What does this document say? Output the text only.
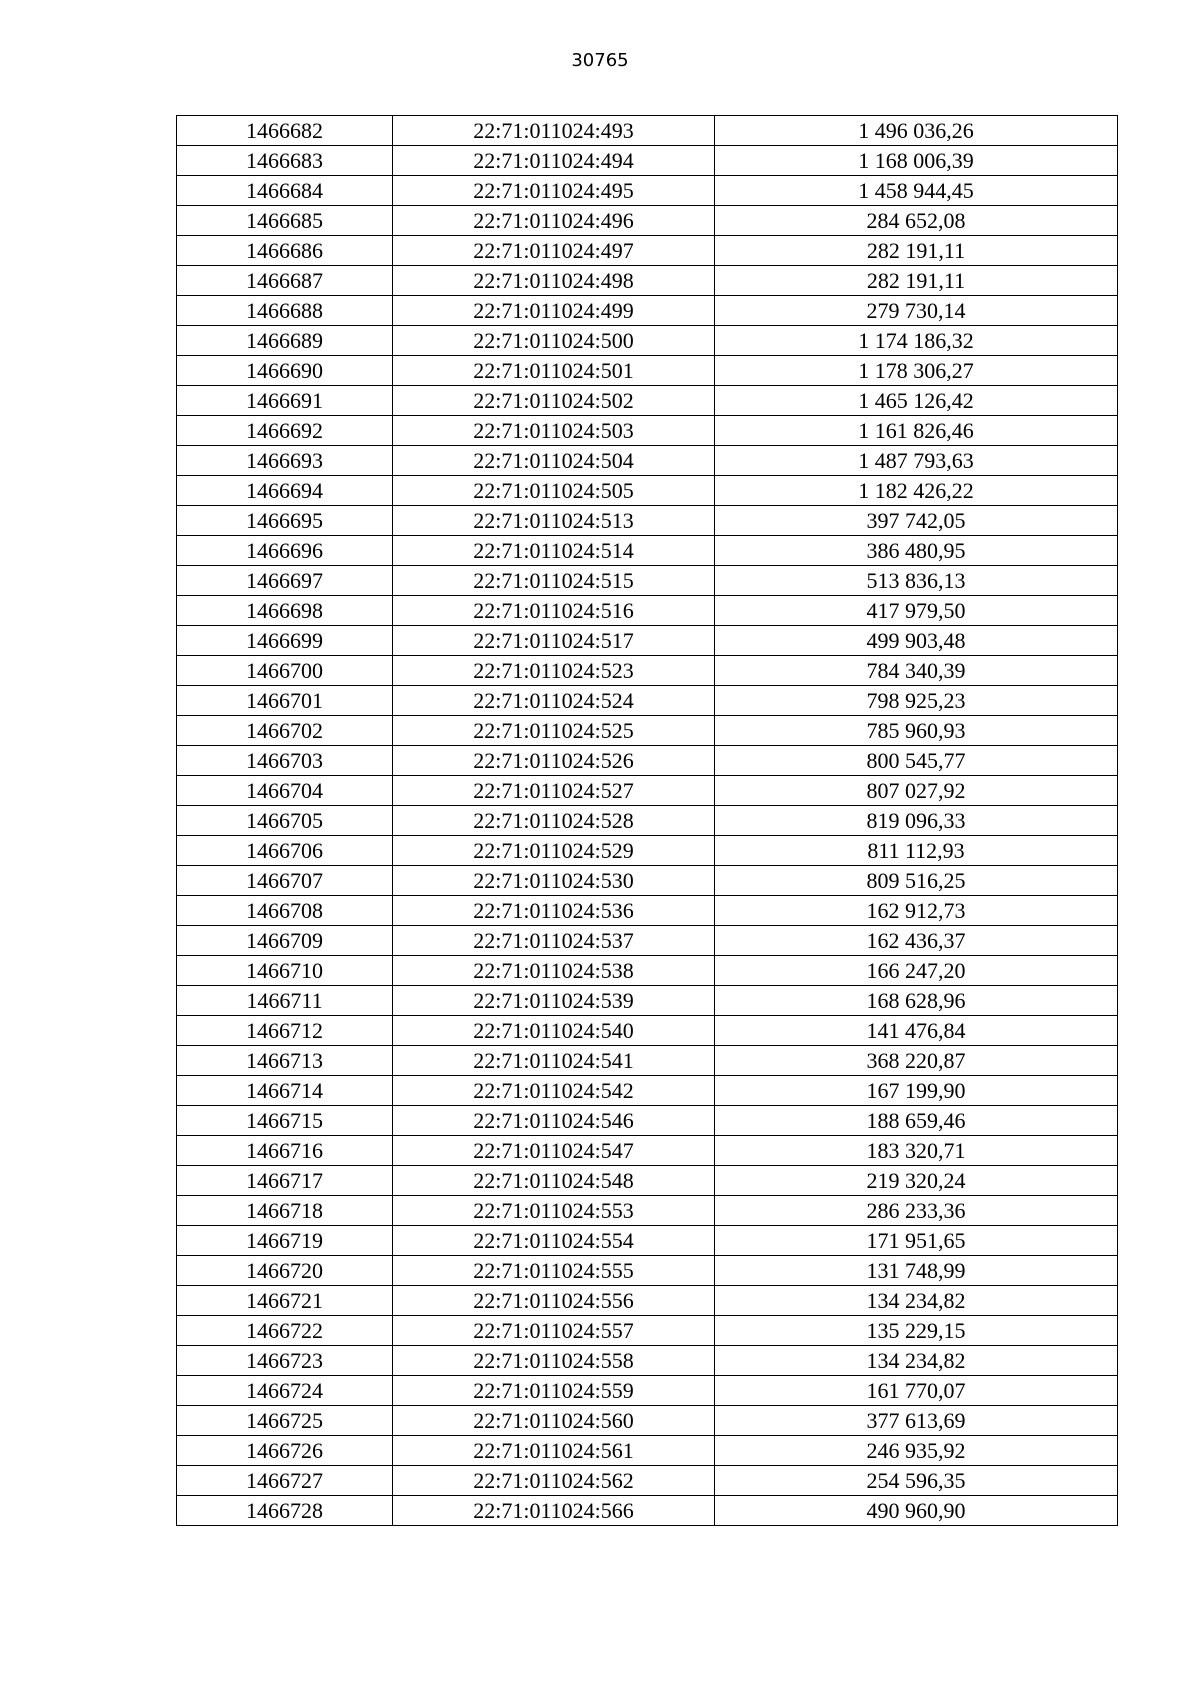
30765
1466682	22:71:011024:493	1 496 036,26
1466683	22:71:011024:494	1 168 006,39
1466684	22:71:011024:495	1 458 944,45
1466685	22:71:011024:496	284 652,08
1466686	22:71:011024:497	282 191,11
1466687	22:71:011024:498	282 191,11
1466688	22:71:011024:499	279 730,14
1466689	22:71:011024:500	1 174 186,32
1466690	22:71:011024:501	1 178 306,27
1466691	22:71:011024:502	1 465 126,42
1466692	22:71:011024:503	1 161 826,46
1466693	22:71:011024:504	1 487 793,63
1466694	22:71:011024:505	1 182 426,22
1466695	22:71:011024:513	397 742,05
1466696	22:71:011024:514	386 480,95
1466697	22:71:011024:515	513 836,13
1466698	22:71:011024:516	417 979,50
1466699	22:71:011024:517	499 903,48
1466700	22:71:011024:523	784 340,39
1466701	22:71:011024:524	798 925,23
1466702	22:71:011024:525	785 960,93
1466703	22:71:011024:526	800 545,77
1466704	22:71:011024:527	807 027,92
1466705	22:71:011024:528	819 096,33
1466706	22:71:011024:529	811 112,93
1466707	22:71:011024:530	809 516,25
1466708	22:71:011024:536	162 912,73
1466709	22:71:011024:537	162 436,37
1466710	22:71:011024:538	166 247,20
1466711	22:71:011024:539	168 628,96
1466712	22:71:011024:540	141 476,84
1466713	22:71:011024:541	368 220,87
1466714	22:71:011024:542	167 199,90
1466715	22:71:011024:546	188 659,46
1466716	22:71:011024:547	183 320,71
1466717	22:71:011024:548	219 320,24
1466718	22:71:011024:553	286 233,36
1466719	22:71:011024:554	171 951,65
1466720	22:71:011024:555	131 748,99
1466721	22:71:011024:556	134 234,82
1466722	22:71:011024:557	135 229,15
1466723	22:71:011024:558	134 234,82
1466724	22:71:011024:559	161 770,07
1466725	22:71:011024:560	377 613,69
1466726	22:71:011024:561	246 935,92
1466727	22:71:011024:562	254 596,35
1466728	22:71:011024:566	490 960,90
